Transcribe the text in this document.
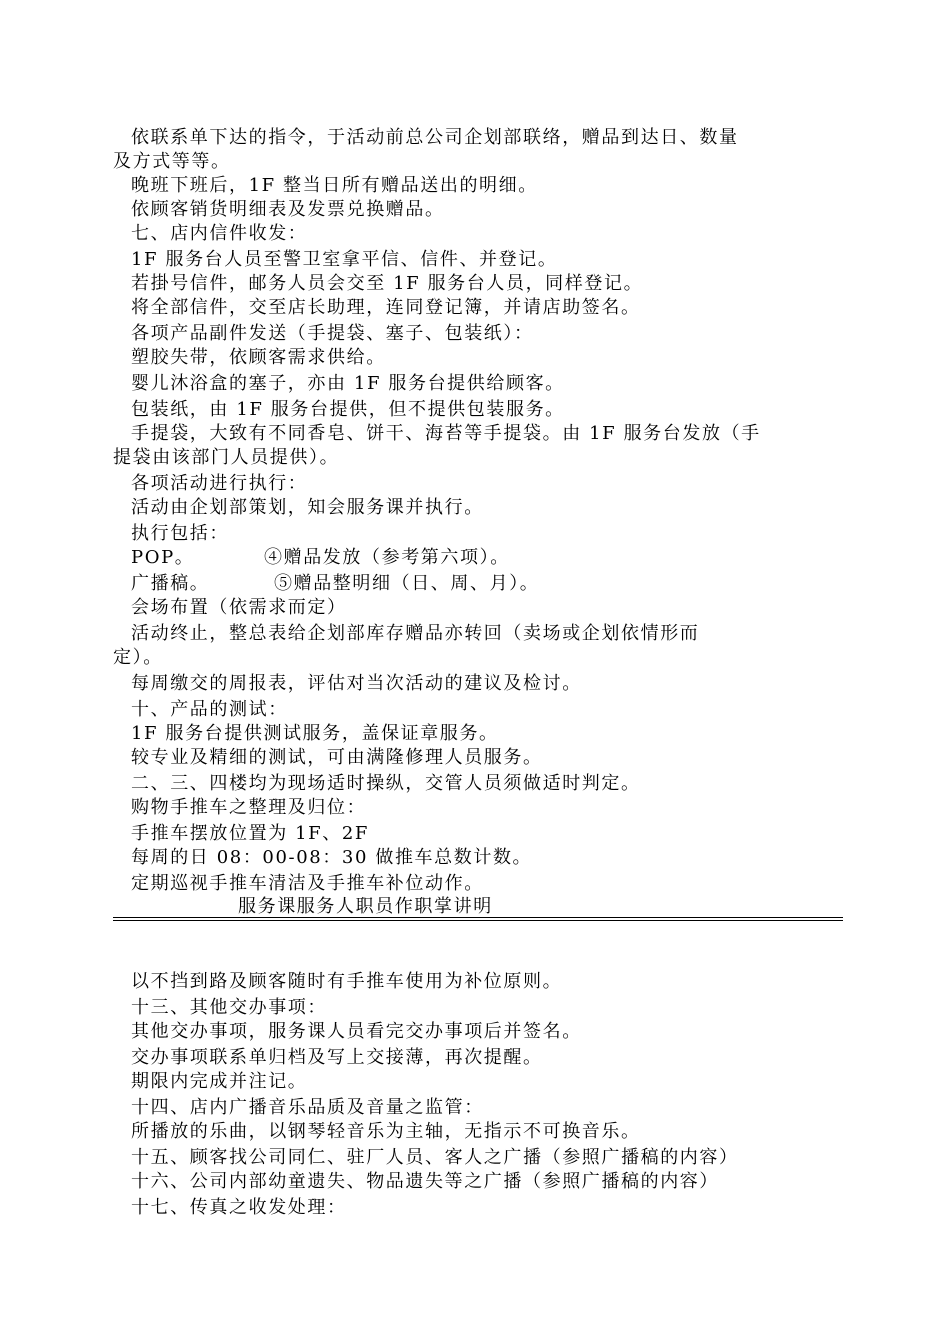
依联系单下达的指令，于活动前总公司企划部联络，赠品到达日、数量
及方式等等。
晚班下班后，1F 整当日所有赠品送出的明细。
依顾客销货明细表及发票兑换赠品。
七、店内信件收发：
1F 服务台人员至警卫室拿平信、信件、并登记。
若掛号信件，邮务人员会交至 1F 服务台人员，同样登记。
将全部信件，交至店长助理，连同登记簿，并请店助签名。
各项产品副件发送（手提袋、塞子、包装纸）：
塑胶失带，依顾客需求供给。
婴儿沐浴盒的塞子，亦由 1F 服务台提供给顾客。
包装纸，由 1F 服务台提供，但不提供包装服务。
手提袋，大致有不同香皂、饼干、海苔等手提袋。由 1F 服务台发放（手
提袋由该部门人员提供）。
各项活动进行执行：
活动由企划部策划，知会服务课并执行。
执行包括：
POP。	④赠品发放（参考第六项）。
广播稿。	⑤赠品整明细（日、周、月）。
会场布置（依需求而定）
活动终止，整总表给企划部库存赠品亦转回（卖场或企划依情形而
定）。
每周缴交的周报表，评估对当次活动的建议及检讨。
十、产品的测试：
1F 服务台提供测试服务，盖保证章服务。
较专业及精细的测试，可由满隆修理人员服务。
二、三、四楼均为现场适时操纵，交管人员须做适时判定。
购物手推车之整理及归位：
手推车摆放位置为 1F、2F
每周的日 08：00-08：30 做推车总数计数。
定期巡视手推车清洁及手推车补位动作。
服务课服务人职员作职掌讲明
以不挡到路及顾客随时有手推车使用为补位原则。
十三、其他交办事项：
其他交办事项，服务课人员看完交办事项后并签名。
交办事项联系单归档及写上交接薄，再次提醒。
期限内完成并注记。
十四、店内广播音乐品质及音量之监管：
所播放的乐曲，以钢琴轻音乐为主轴，无指示不可换音乐。
十五、顾客找公司同仁、驻厂人员、客人之广播（参照广播稿的内容）
十六、公司内部幼童遗失、物品遗失等之广播（参照广播稿的内容）
十七、传真之收发处理：
